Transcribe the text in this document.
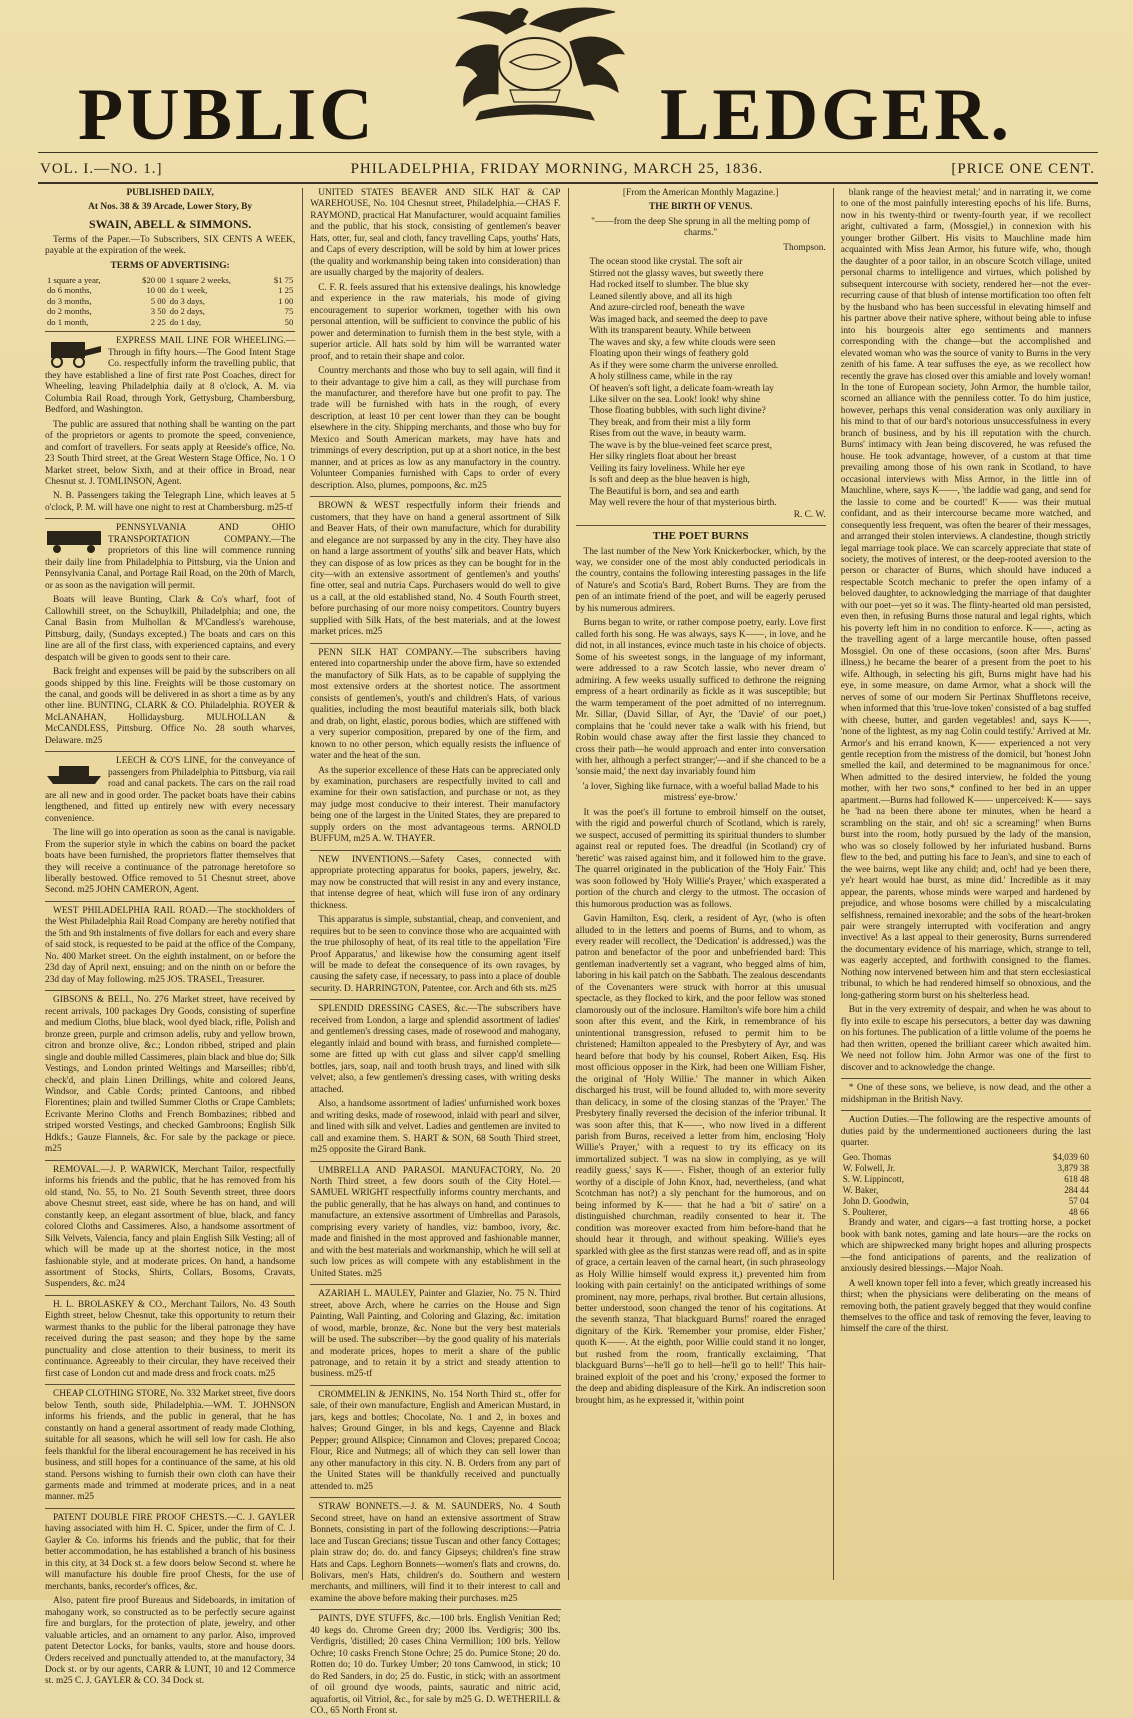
PUBLIC	LEDGER.
VOL. I.—NO. 1.]	PHILADELPHIA, FRIDAY MORNING, MARCH 25, 1836.	[PRICE ONE CENT.

PUBLISHED DAILY,

At Nos. 38 & 39 Arcade, Lower Story, By

SWAIN, ABELL & SIMMONS.

Terms of the Paper.—To Subscribers, SIX CENTS A WEEK, payable at the expiration of the week.

TERMS OF ADVERTISING:

1 square a year,	$20 00	1 square 2 weeks,	$1 75
do 6 months,	10 00	do 1 week,	1 25
do 3 months,	5 00	do 3 days,	1 00
do 2 months,	3 50	do 2 days,	75
do 1 month,	2 25	do 1 day,	50

EXPRESS MAIL LINE FOR WHEELING.—Through in fifty hours.—The Good Intent Stage Co. respectfully inform the travelling public, that they have established a line of first rate Post Coaches, direct for Wheeling, leaving Philadelphia daily at 8 o'clock, A. M. via Columbia Rail Road, through York, Gettysburg, Chambersburg, Bedford, and Washington.

The public are assured that nothing shall be wanting on the part of the proprietors or agents to promote the speed, convenience, and comfort of travellers. For seats apply at Reeside's office, No. 23 South Third street, at the Great Western Stage Office, No. 1 O Market street, below Sixth, and at their office in Broad, near Chesnut st. J. TOMLINSON, Agent.

N. B. Passengers taking the Telegraph Line, which leaves at 5 o'clock, P. M. will have one night to rest at Chambersburg. m25-tf

PENNSYLVANIA AND OHIO TRANSPORTATION COMPANY.—The proprietors of this line will commence running their daily line from Philadelphia to Pittsburg, via the Union and Pennsylvania Canal, and Portage Rail Road, on the 20th of March, or as soon as the navigation will permit.

Boats will leave Bunting, Clark & Co's wharf, foot of Callowhill street, on the Schuylkill, Philadelphia; and one, the Canal Basin from Mulhollan & M'Candless's warehouse, Pittsburg, daily, (Sundays excepted.) The boats and cars on this line are all of the first class, with experienced captains, and every despatch will be given to goods sent to their care.

Back freight and expenses will be paid by the subscribers on all goods shipped by this line. Freights will be those customary on the canal, and goods will be delivered in as short a time as by any other line. BUNTING, CLARK & CO. Philadelphia. ROYER & McLANAHAN, Hollidaysburg. MULHOLLAN & McCANDLESS, Pittsburg. Office No. 28 south wharves, Delaware. m25

LEECH & CO'S LINE, for the conveyance of passengers from Philadelphia to Pittsburg, via rail road and canal packets. The cars on the rail road are all new and in good order. The packet boats have their cabins lengthened, and fitted up entirely new with every necessary convenience.

The line will go into operation as soon as the canal is navigable. From the superior style in which the cabins on board the packet boats have been furnished, the proprietors flatter themselves that they will receive a continuance of the patronage heretofore so liberally bestowed. Office removed to 51 Chesnut street, above Second. m25 JOHN CAMERON, Agent.

WEST PHILADELPHIA RAIL ROAD.—The stockholders of the West Philadelphia Rail Road Company are hereby notified that the 5th and 9th instalments of five dollars for each and every share of said stock, is requested to be paid at the office of the Company, No. 400 Market street. On the eighth instalment, on or before the 23d day of April next, ensuing; and on the ninth on or before the 23d day of May following. m25 JOS. TRASEL, Treasurer.

GIBSONS & BELL, No. 276 Market street, have received by recent arrivals, 100 packages Dry Goods, consisting of superfine and medium Cloths, blue black, wool dyed black, rifle, Polish and bronze green, purple and crimson adelis, ruby and yellow brown, citron and bronze olive, &c.; London ribbed, striped and plain single and double milled Cassimeres, plain black and blue do; Silk Vestings, and London printed Weltings and Marseilles; ribb'd, check'd, and plain Linen Drillings, white and colored Jeans, Windsor, and Cable Cords; printed Cantoons, and ribbed Florentines; plain and twilled Summer Cloths or Crape Camblets; Ecrivante Merino Cloths and French Bombazines; ribbed and striped worsted Vestings, and checked Gambroons; English Silk Hdkfs.; Gauze Flannels, &c. For sale by the package or piece. m25

REMOVAL.—J. P. WARWICK, Merchant Tailor, respectfully informs his friends and the public, that he has removed from his old stand, No. 55, to No. 21 South Seventh street, three doors above Chesnut street, east side, where he has on hand, and will constantly keep, an elegant assortment of blue, black, and fancy colored Cloths and Cassimeres. Also, a handsome assortment of Silk Velvets, Valencia, fancy and plain English Silk Vesting; all of which will be made up at the shortest notice, in the most fashionable style, and at moderate prices. On hand, a handsome assortment of Stocks, Shirts, Collars, Bosoms, Cravats, Suspenders, &c. m24

H. L. BROLASKEY & CO., Merchant Tailors, No. 43 South Eighth street, below Chesnut, take this opportunity to return their warmest thanks to the public for the liberal patronage they have received during the past season; and they hope by the same punctuality and close attention to their business, to merit its continuance. Agreeably to their circular, they have received their first case of London cut and made dress and frock coats. m25

CHEAP CLOTHING STORE, No. 332 Market street, five doors below Tenth, south side, Philadelphia.—WM. T. JOHNSON informs his friends, and the public in general, that he has constantly on hand a general assortment of ready made Clothing, suitable for all seasons, which he will sell low for cash. He also feels thankful for the liberal encouragement he has received in his business, and still hopes for a continuance of the same, at his old stand. Persons wishing to furnish their own cloth can have their garments made and trimmed at moderate prices, and in a neat manner. m25

PATENT DOUBLE FIRE PROOF CHESTS.—C. J. GAYLER having associated with him H. C. Spicer, under the firm of C. J. Gayler & Co. informs his friends and the public, that for their better accommodation, he has established a branch of his business in this city, at 34 Dock st. a few doors below Second st. where he will manufacture his double fire proof Chests, for the use of merchants, banks, recorder's offices, &c.

Also, patent fire proof Bureaus and Sideboards, in imitation of mahogany work, so constructed as to be perfectly secure against fire and burglars, for the protection of plate, jewelry, and other valuable articles, and an ornament to any parlor. Also, improved patent Detector Locks, for banks, vaults, store and house doors. Orders received and punctually attended to, at the manufactory, 34 Dock st. or by our agents, CARR & LUNT, 10 and 12 Commerce st. m25 C. J. GAYLER & CO. 34 Dock st.

UNITED STATES BEAVER AND SILK HAT & CAP WAREHOUSE, No. 104 Chesnut street, Philadelphia.—CHAS F. RAYMOND, practical Hat Manufacturer, would acquaint families and the public, that his stock, consisting of gentlemen's beaver Hats, otter, fur, seal and cloth, fancy travelling Caps, youths' Hats, and Caps of every description, will be sold by him at lower prices (the quality and workmanship being taken into consideration) than are usually charged by the majority of dealers.

C. F. R. feels assured that his extensive dealings, his knowledge and experience in the raw materials, his mode of giving encouragement to superior workmen, together with his own personal attention, will be sufficient to convince the public of his power and determination to furnish them in the best style, with a superior article. All hats sold by him will be warranted water proof, and to retain their shape and color.

Country merchants and those who buy to sell again, will find it to their advantage to give him a call, as they will purchase from the manufacturer, and therefore have but one profit to pay. The trade will be furnished with hats in the rough, of every description, at least 10 per cent lower than they can be bought elsewhere in the city. Shipping merchants, and those who buy for Mexico and South American markets, may have hats and trimmings of every description, put up at a short notice, in the best manner, and at prices as low as any manufactory in the country. Volunteer Companies furnished with Caps to order of every description. Also, plumes, pompoons, &c. m25

BROWN & WEST respectfully inform their friends and customers, that they have on hand a general assortment of Silk and Beaver Hats, of their own manufacture, which for durability and elegance are not surpassed by any in the city. They have also on hand a large assortment of youths' silk and beaver Hats, which they can dispose of as low prices as they can be bought for in the city—with an extensive assortment of gentlemen's and youths' fine otter, seal and nutria Caps. Purchasers would do well to give us a call, at the old established stand, No. 4 South Fourth street, before purchasing of our more noisy competitors. Country buyers supplied with Silk Hats, of the best materials, and at the lowest market prices. m25

PENN SILK HAT COMPANY.—The subscribers having entered into copartnership under the above firm, have so extended the manufactory of Silk Hats, as to be capable of supplying the most extensive orders at the shortest notice. The assortment consists of gentlemen's, youth's and children's Hats, of various qualities, including the most beautiful materials silk, both black and drab, on light, elastic, porous bodies, which are stiffened with a very superior composition, prepared by one of the firm, and known to no other person, which equally resists the influence of water and the heat of the sun.

As the superior excellence of these Hats can be appreciated only by examination, purchasers are respectfully invited to call and examine for their own satisfaction, and purchase or not, as they may judge most conducive to their interest. Their manufactory being one of the largest in the United States, they are prepared to supply orders on the most advantageous terms. ARNOLD BUFFUM, m25 A. W. THAYER.

NEW INVENTIONS.—Safety Cases, connected with appropriate protecting apparatus for books, papers, jewelry, &c. may now be constructed that will resist in any and every instance, that intense degree of heat, which will fuse iron of any ordinary thickness.

This apparatus is simple, substantial, cheap, and convenient, and requires but to be seen to convince those who are acquainted with the true philosophy of heat, of its real title to the appellation 'Fire Proof Apparatus,' and likewise how the consuming agent itself will be made to defeat the consequence of its own ravages, by causing the safety case, if necessary, to pass into a place of double security. D. HARRINGTON, Patentee, cor. Arch and 6th sts. m25

SPLENDID DRESSING CASES, &c.—The subscribers have received from London, a large and splendid assortment of ladies' and gentlemen's dressing cases, made of rosewood and mahogany, elegantly inlaid and bound with brass, and furnished complete—some are fitted up with cut glass and silver capp'd smelling bottles, jars, soap, nail and tooth brush trays, and lined with silk velvet; also, a few gentlemen's dressing cases, with writing desks attached.

Also, a handsome assortment of ladies' unfurnished work boxes and writing desks, made of rosewood, inlaid with pearl and silver, and lined with silk and velvet. Ladies and gentlemen are invited to call and examine them. S. HART & SON, 68 South Third street, m25 opposite the Girard Bank.

UMBRELLA AND PARASOL MANUFACTORY, No. 20 North Third street, a few doors south of the City Hotel.—SAMUEL WRIGHT respectfully informs country merchants, and the public generally, that he has always on hand, and continues to manufacture, an extensive assortment of Umbrellas and Parasols, comprising every variety of handles, viz: bamboo, ivory, &c. made and finished in the most approved and fashionable manner, and with the best materials and workmanship, which he will sell at such low prices as will compete with any establishment in the United States. m25

AZARIAH L. MAULEY, Painter and Glazier, No. 75 N. Third street, above Arch, where he carries on the House and Sign Painting, Wall Painting, and Coloring and Glazing, &c. imitation of wood, marble, bronze, &c. None but the very best materials will be used. The subscriber—by the good quality of his materials and moderate prices, hopes to merit a share of the public patronage, and to retain it by a strict and steady attention to business. m25-tf

CROMMELIN & JENKINS, No. 154 North Third st., offer for sale, of their own manufacture, English and American Mustard, in jars, kegs and bottles; Chocolate, No. 1 and 2, in boxes and halves; Ground Ginger, in bls and kegs, Cayenne and Black Pepper; ground Allspice; Cinnamon and Cloves; prepared Cocoa; Flour, Rice and Nutmegs; all of which they can sell lower than any other manufactory in this city. N. B. Orders from any part of the United States will be thankfully received and punctually attended to. m25

STRAW BONNETS.—J. & M. SAUNDERS, No. 4 South Second street, have on hand an extensive assortment of Straw Bonnets, consisting in part of the following descriptions:—Patria lace and Tuscan Grecians; tissue Tuscan and other fancy Cottages; plain straw do; do. do. and fancy Gipseys; children's fine straw Hats and Caps. Leghorn Bonnets—women's flats and crowns, do. Bolivars, men's Hats, children's do. Southern and western merchants, and milliners, will find it to their interest to call and examine the above before making their purchases. m25

PAINTS, DYE STUFFS, &c.—100 brls. English Venitian Red; 40 kegs do. Chrome Green dry; 2000 lbs. Verdigris; 300 lbs. Verdigris, 'distilled; 20 cases China Vermillion; 100 brls. Yellow Ochre; 10 casks French Stone Ochre; 25 do. Pumice Stone; 20 do. Rotten do; 10 do. Turkey Umber; 20 tons Camwood, in stick; 10 do Red Sanders, in do; 25 do. Fustic, in stick; with an assortment of oil ground dye woods, paints, sauratic and nitric acid, aquafortis, oil Vitriol, &c., for sale by m25 G. D. WETHERILL & CO., 65 North Front st.

[From the American Monthly Magazine.]

THE BIRTH OF VENUS.

"——from the deep She sprung in all the melting pomp of charms."

Thompson.

The ocean stood like crystal. The soft air

Stirred not the glassy waves, but sweetly there

Had rocked itself to slumber. The blue sky

Leaned silently above, and all its high

And azure-circled roof, beneath the wave

Was imaged back, and seemed the deep to pave

With its transparent beauty. While between

The waves and sky, a few white clouds were seen

Floating upon their wings of feathery gold

As if they were some charm the universe enrolled.

A holy stillness came, while in the ray

Of heaven's soft light, a delicate foam-wreath lay

Like silver on the sea. Look! look! why shine

Those floating bubbles, with such light divine?

They break, and from their mist a lily form

Rises from out the wave, in beauty warm.

The wave is by the blue-veined feet scarce prest,

Her silky ringlets float about her breast

Veiling its fairy loveliness. While her eye

Is soft and deep as the blue heaven is high,

The Beautiful is born, and sea and earth

May well revere the hour of that mysterious birth.

R. C. W.

THE POET BURNS

The last number of the New York Knickerbocker, which, by the way, we consider one of the most ably conducted periodicals in the country, contains the following interesting passages in the life of Nature's and Scotia's Bard, Robert Burns. They are from the pen of an intimate friend of the poet, and will be eagerly perused by his numerous admirers.

Burns began to write, or rather compose poetry, early. Love first called forth his song. He was always, says K——, in love, and he did not, in all instances, evince much taste in his choice of objects. Some of his sweetest songs, in the language of my informant, were addressed to a raw Scotch lassie, who never dream o' admiring. A few weeks usually sufficed to dethrone the reigning empress of a heart ordinarily as fickle as it was susceptible; but the warm temperament of the poet admitted of no interregnum. Mr. Sillar, (David Sillar, of Ayr, the 'Davie' of our poet,) complains that he 'could never take a walk with his friend, but Robin would chase away after the first lassie they chanced to cross their path—he would approach and enter into conversation with her, although a perfect stranger;'—and if she chanced to be a 'sonsie maid,' the next day invariably found him

'a lover, Sighing like furnace, with a woeful ballad Made to his mistress' eye-brow.'

It was the poet's ill fortune to embroil himself on the outset, with the rigid and powerful church of Scotland, which is rarely, we suspect, accused of permitting its spiritual thunders to slumber against real or reputed foes. The dreadful (in Scotland) cry of 'heretic' was raised against him, and it followed him to the grave. The quarrel originated in the publication of the 'Holy Fair.' This was soon followed by 'Holy Willie's Prayer,' which exasperated a portion of the church and clergy to the utmost. The occasion of this humorous production was as follows.

Gavin Hamilton, Esq. clerk, a resident of Ayr, (who is often alluded to in the letters and poems of Burns, and to whom, as every reader will recollect, the 'Dedication' is addressed,) was the patron and benefactor of the poor and unbefriended bard: This gentleman inadvertently set a vagrant, who begged alms of him, laboring in his kail patch on the Sabbath. The zealous descendants of the Covenanters were struck with horror at this unusual spectacle, as they flocked to kirk, and the poor fellow was stoned clamorously out of the inclosure. Hamilton's wife bore him a child soon after this event, and the Kirk, in remembrance of his unintentional transgression, refused to permit him to be christened; Hamilton appealed to the Presbytery of Ayr, and was heard before that body by his counsel, Robert Aiken, Esq. His most officious opposer in the Kirk, had been one William Fisher, the original of 'Holy Willie.' The manner in which Aiken discharged his trust, will be found alluded to, with more severity than delicacy, in some of the closing stanzas of the 'Prayer.' The Presbytery finally reversed the decision of the inferior tribunal. It was soon after this, that K——, who now lived in a different parish from Burns, received a letter from him, enclosing 'Holy Willie's Prayer,' with a request to try its efficacy on its immortalized subject. 'I was na slow in complying, as ye will readily guess,' says K——. Fisher, though of an exterior fully worthy of a disciple of John Knox, had, nevertheless, (and what Scotchman has not?) a sly penchant for the humorous, and on being informed by K—— that he had a 'bit o' satire' on a distinguished churchman, readily consented to hear it. The condition was moreover exacted from him before-hand that he should hear it through, and without speaking. Willie's eyes sparkled with glee as the first stanzas were read off, and as in spite of grace, a certain leaven of the carnal heart, (in such phraseology as Holy Willie himself would express it,) prevented him from looking with pain certainly! on the anticipated writhings of some prominent, nay more, perhaps, rival brother. But certain allusions, better understood, soon changed the tenor of his cogitations. At the seventh stanza, 'That blackguard Burns!' roared the enraged dignitary of the Kirk. 'Remember your promise, elder Fisher,' quoth K——. At the eighth, poor Willie could stand it no longer, but rushed from the room, frantically exclaiming, 'That blackguard Burns'—he'll go to hell—he'll go to hell!' This hair-brained exploit of the poet and his 'crony,' exposed the former to the deep and abiding displeasure of the Kirk. An indiscretion soon brought him, as he expressed it, 'within point

blank range of the heaviest metal;' and in narrating it, we come to one of the most painfully interesting epochs of his life. Burns, now in his twenty-third or twenty-fourth year, if we recollect aright, cultivated a farm, (Mossgiel,) in connexion with his younger brother Gilbert. His visits to Mauchline made him acquainted with Miss Jean Armor, his future wife, who, though the daughter of a poor tailor, in an obscure Scotch village, united personal charms to intelligence and virtues, which polished by subsequent intercourse with society, rendered her—not the ever-recurring cause of that blush of intense mortification too often felt by the husband who has been successful in elevating himself and his partner above their native sphere, without being able to infuse into his bourgeois alter ego sentiments and manners corresponding with the change—but the accomplished and elevated woman who was the source of vanity to Burns in the very zenith of his fame. A tear suffuses the eye, as we recollect how recently the grave has closed over this amiable and lovely woman! In the tone of European society, John Armor, the humble tailor, scorned an alliance with the penniless cotter. To do him justice, however, perhaps this venal consideration was only auxiliary in his mind to that of our bard's notorious unsuccessfulness in every branch of business, and by his ill reputation with the church. Burns' intimacy with Jean being discovered, he was refused the house. He took advantage, however, of a custom at that time prevailing among those of his own rank in Scotland, to have occasional interviews with Miss Armor, in the little inn of Mauchline, where, says K——, 'the laddie wad gang, and send for the lassie to come and be courted!' K—— was their mutual confidant, and as their intercourse became more watched, and consequently less frequent, was often the bearer of their messages, and arranged their stolen interviews. A clandestine, though strictly legal marriage took place. We can scarcely appreciate that state of society, the motives of interest, or the deep-rooted aversion to the person or character of Burns, which should have induced a respectable Scotch mechanic to prefer the open infamy of a beloved daughter, to acknowledging the marriage of that daughter with our poet—yet so it was. The flinty-hearted old man persisted, even then, in refusing Burns those natural and legal rights, which his poverty left him in no condition to enforce. K——, acting as the travelling agent of a large mercantile house, often passed Mossgiel. On one of these occasions, (soon after Mrs. Burns' illness,) he became the bearer of a present from the poet to his wife. Although, in selecting his gift, Burns might have had his eye, in some measure, on dame Armor, what a shock will the nerves of some of our modern Sir Pertinax Shuffletons receive, when informed that this 'true-love token' consisted of a bag stuffed with cheese, butter, and garden vegetables! and, says K——, 'none of the lightest, as my nag Colin could testify.' Arrived at Mr. Armor's and his errand known, K—— experienced a not very gentle reception from the mistress of the domicil, but 'honest John smelled the kail, and determined to be magnanimous for once.' When admitted to the desired interview, he folded the young mother, with her two sons,* confined to her bed in an upper apartment.—Burns had followed K—— unperceived: K—— says he 'had na been there abone ter minutes, when he heard a scrambling on the stair, and oh! sic a screaming!' when Burns burst into the room, hotly pursued by the lady of the mansion, who was so closely followed by her infuriated husband. Burns flew to the bed, and putting his face to Jean's, and sine to each of the wee bairns, wept like any child; and, och! had ye been there, ye'r heart would hae burst, as mine did.' Incredible as it may appear, the parents, whose minds were warped and hardened by prejudice, and whose bosoms were chilled by a miscalculating selfishness, remained inexorable; and the sobs of the heart-broken pair were strangely interrupted with vociferation and angry invective! As a last appeal to their generosity, Burns surrendered the documentary evidence of his marriage, which, strange to tell, was eagerly accepted, and forthwith consigned to the flames. Nothing now intervened between him and that stern ecclesiastical tribunal, to which he had rendered himself so obnoxious, and the long-gathering storm burst on his shelterless head.

But in the very extremity of despair, and when he was about to fly into exile to escape his persecutors, a better day was dawning on his fortunes. The publication of a little volume of the poems he had then written, opened the brilliant career which awaited him. We need not follow him. John Armor was one of the first to discover and to acknowledge the change.

* One of these sons, we believe, is now dead, and the other a midshipman in the British Navy.

Auction Duties.—The following are the respective amounts of duties paid by the undermentioned auctioneers during the last quarter.

Geo. Thomas	$4,039 60
W. Folwell, Jr.	3,879 38
S. W. Lippincott,	618 48
W. Baker,	284 44
John D. Goodwin,	57 04
S. Poulterer,	48 66

Brandy and water, and cigars—a fast trotting horse, a pocket book with bank notes, gaming and late hours—are the rocks on which are shipwrecked many bright hopes and alluring prospects—the fond anticipations of parents, and the realization of anxiously desired blessings.—Major Noah.

A well known toper fell into a fever, which greatly increased his thirst; when the physicians were deliberating on the means of removing both, the patient gravely begged that they would confine themselves to the office and task of removing the fever, leaving to himself the care of the thirst.
